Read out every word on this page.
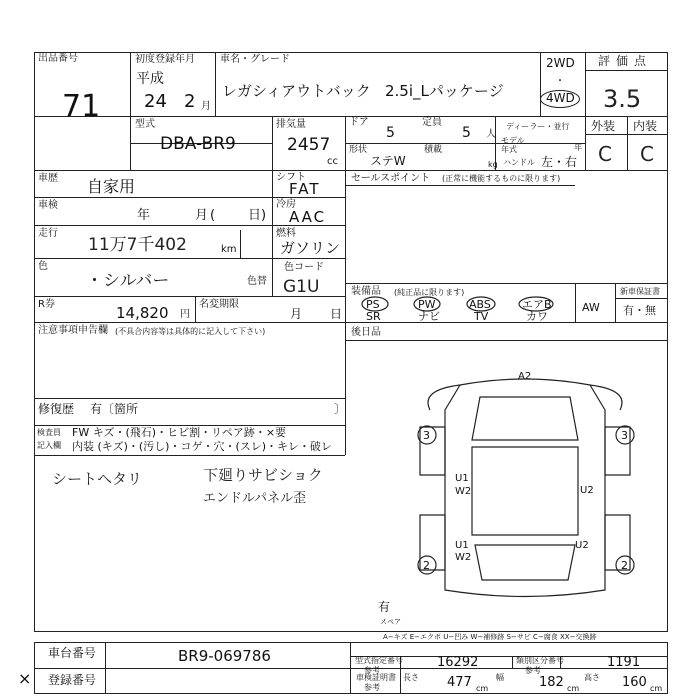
出品番号
71
初度登録年月
平成
24 2 月
車名・グレード
レガシィアウトバック 2.5i_Lパッケージ
2WD
・
4WD
評価点
3.5
外装 内装
C C
型式
DBA-BR9
排気量
2457
cc
ドア
5
定員
5 人
ディーラー・並行
モデル
年式	年
形状
ステW
積載
kg ハンドル 左・右
車歴 自家用
車検
年	月 (	日)
走行
11万7千402	km
色
・シルバー	色替
シフト
FAT
冷房
AAC
燃料
ガソリン
色コード
G1U
R券	14,820 円
名変期限
月 日
注意事項申告欄 (不具合内容等は具体的に記入して下さい)
修復歴 有〔箇所	〕
検査員
記入欄
FW キズ・(飛石)・ヒビ割・リペア跡・×要
内装 (キズ)・(汚し)・コゲ・穴・(スレ)・キレ・破レ
シートヘタリ	下廻りサビショク
エンドルパネル歪
セールスポイント (正常に機能するものに限ります)
装備品 (純正品に限ります)
PS
SR
PW
ナビ
ABS
TV
エアB
カワ
AW
新車保証書
有・無
後日品
A2
U1
W2	U2
U2
U1
W2
3	3
2	2
有
スペア
A−キズ E−エクボ U−凹み W−補修跡 S−サビ C−腐食 XX−交換跡
車台番号	BR9-069786
× 登録番号
型式指定番号
参考
16292	類別区分番号
参考
1191
車検証明書
参考
長さ 477 cm
幅	182 cm
高さ 160 cm
